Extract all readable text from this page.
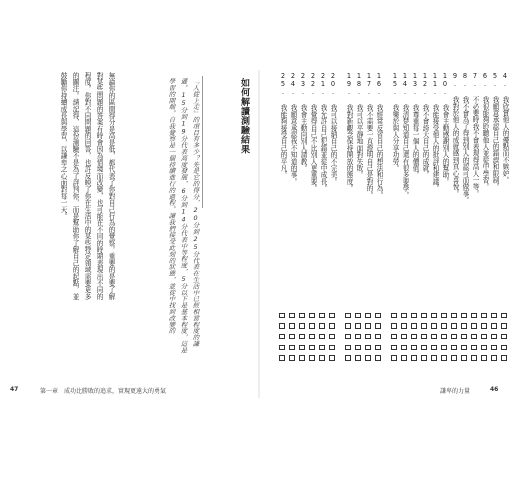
如何解讀測驗結果
「人從上走」的項目有多少？先是它的得分，20分到25分代表在生活中已經相當程度的謙
遜。15分到19分代表高度發展，6分到14分代表中等程度，5分以下是基本程度，這是
學習的開端。自我覺察是一個持續進行的過程。讓我們接受此刻的狀態，並從中找到改變的
無論你的區間得分是高是低，都代表了你對自己行為的覺察。重要的是要了解
對某些問題的答案有時會因為情境而改變，也可能在不同的時期表現出不同的
程度。你對不同問題的回答，也許反映了你在生活中的某些特定領域需要更多
的關注。請記得，這份測驗不是為了評判你，而是幫助你了解自己的起點，並
鼓勵你持續成長與學習，以謙卑之心面對每一天。	4. 我欣賞他人的優點而不嫉妒。
5. 我願意承認自己的錯誤和限制。
6. 我很能夠聆聽他人並從中學習。
7. 不必要時我不會表現得高人一等。
8. 我不會為了得到別人的認可而做事。
9. 我對於他人的成就感到真心喜悅。
10. 我會主動感謝別人的幫助。
11. 我能接受他人的批評和建議。
12. 我不會誇大自己的成就。
13. 我尊重每一個人的價值。
14. 我清楚知道自己還有很多要學。
15. 我樂於與人分享功勞。
16. 我經常反省自己的想法和行為。
17. 我不需要一直證明自己是對的。
18. 我可以平靜地面對失敗。
19. 我對新觀念保持開放的態度。
20. 我可以接納自己的不完美。
21. 我允許自己犯錯並從中成長。
22. 我覺得自己不比別人更重要。
23. 我會主動向別人請教。
24. 我願意承認我不知道的事。
25. 我能夠接受自己的平凡。
47	第一章　成功比勝敗的追求，實現更遠大的勇氣	謙卑的力量	46
